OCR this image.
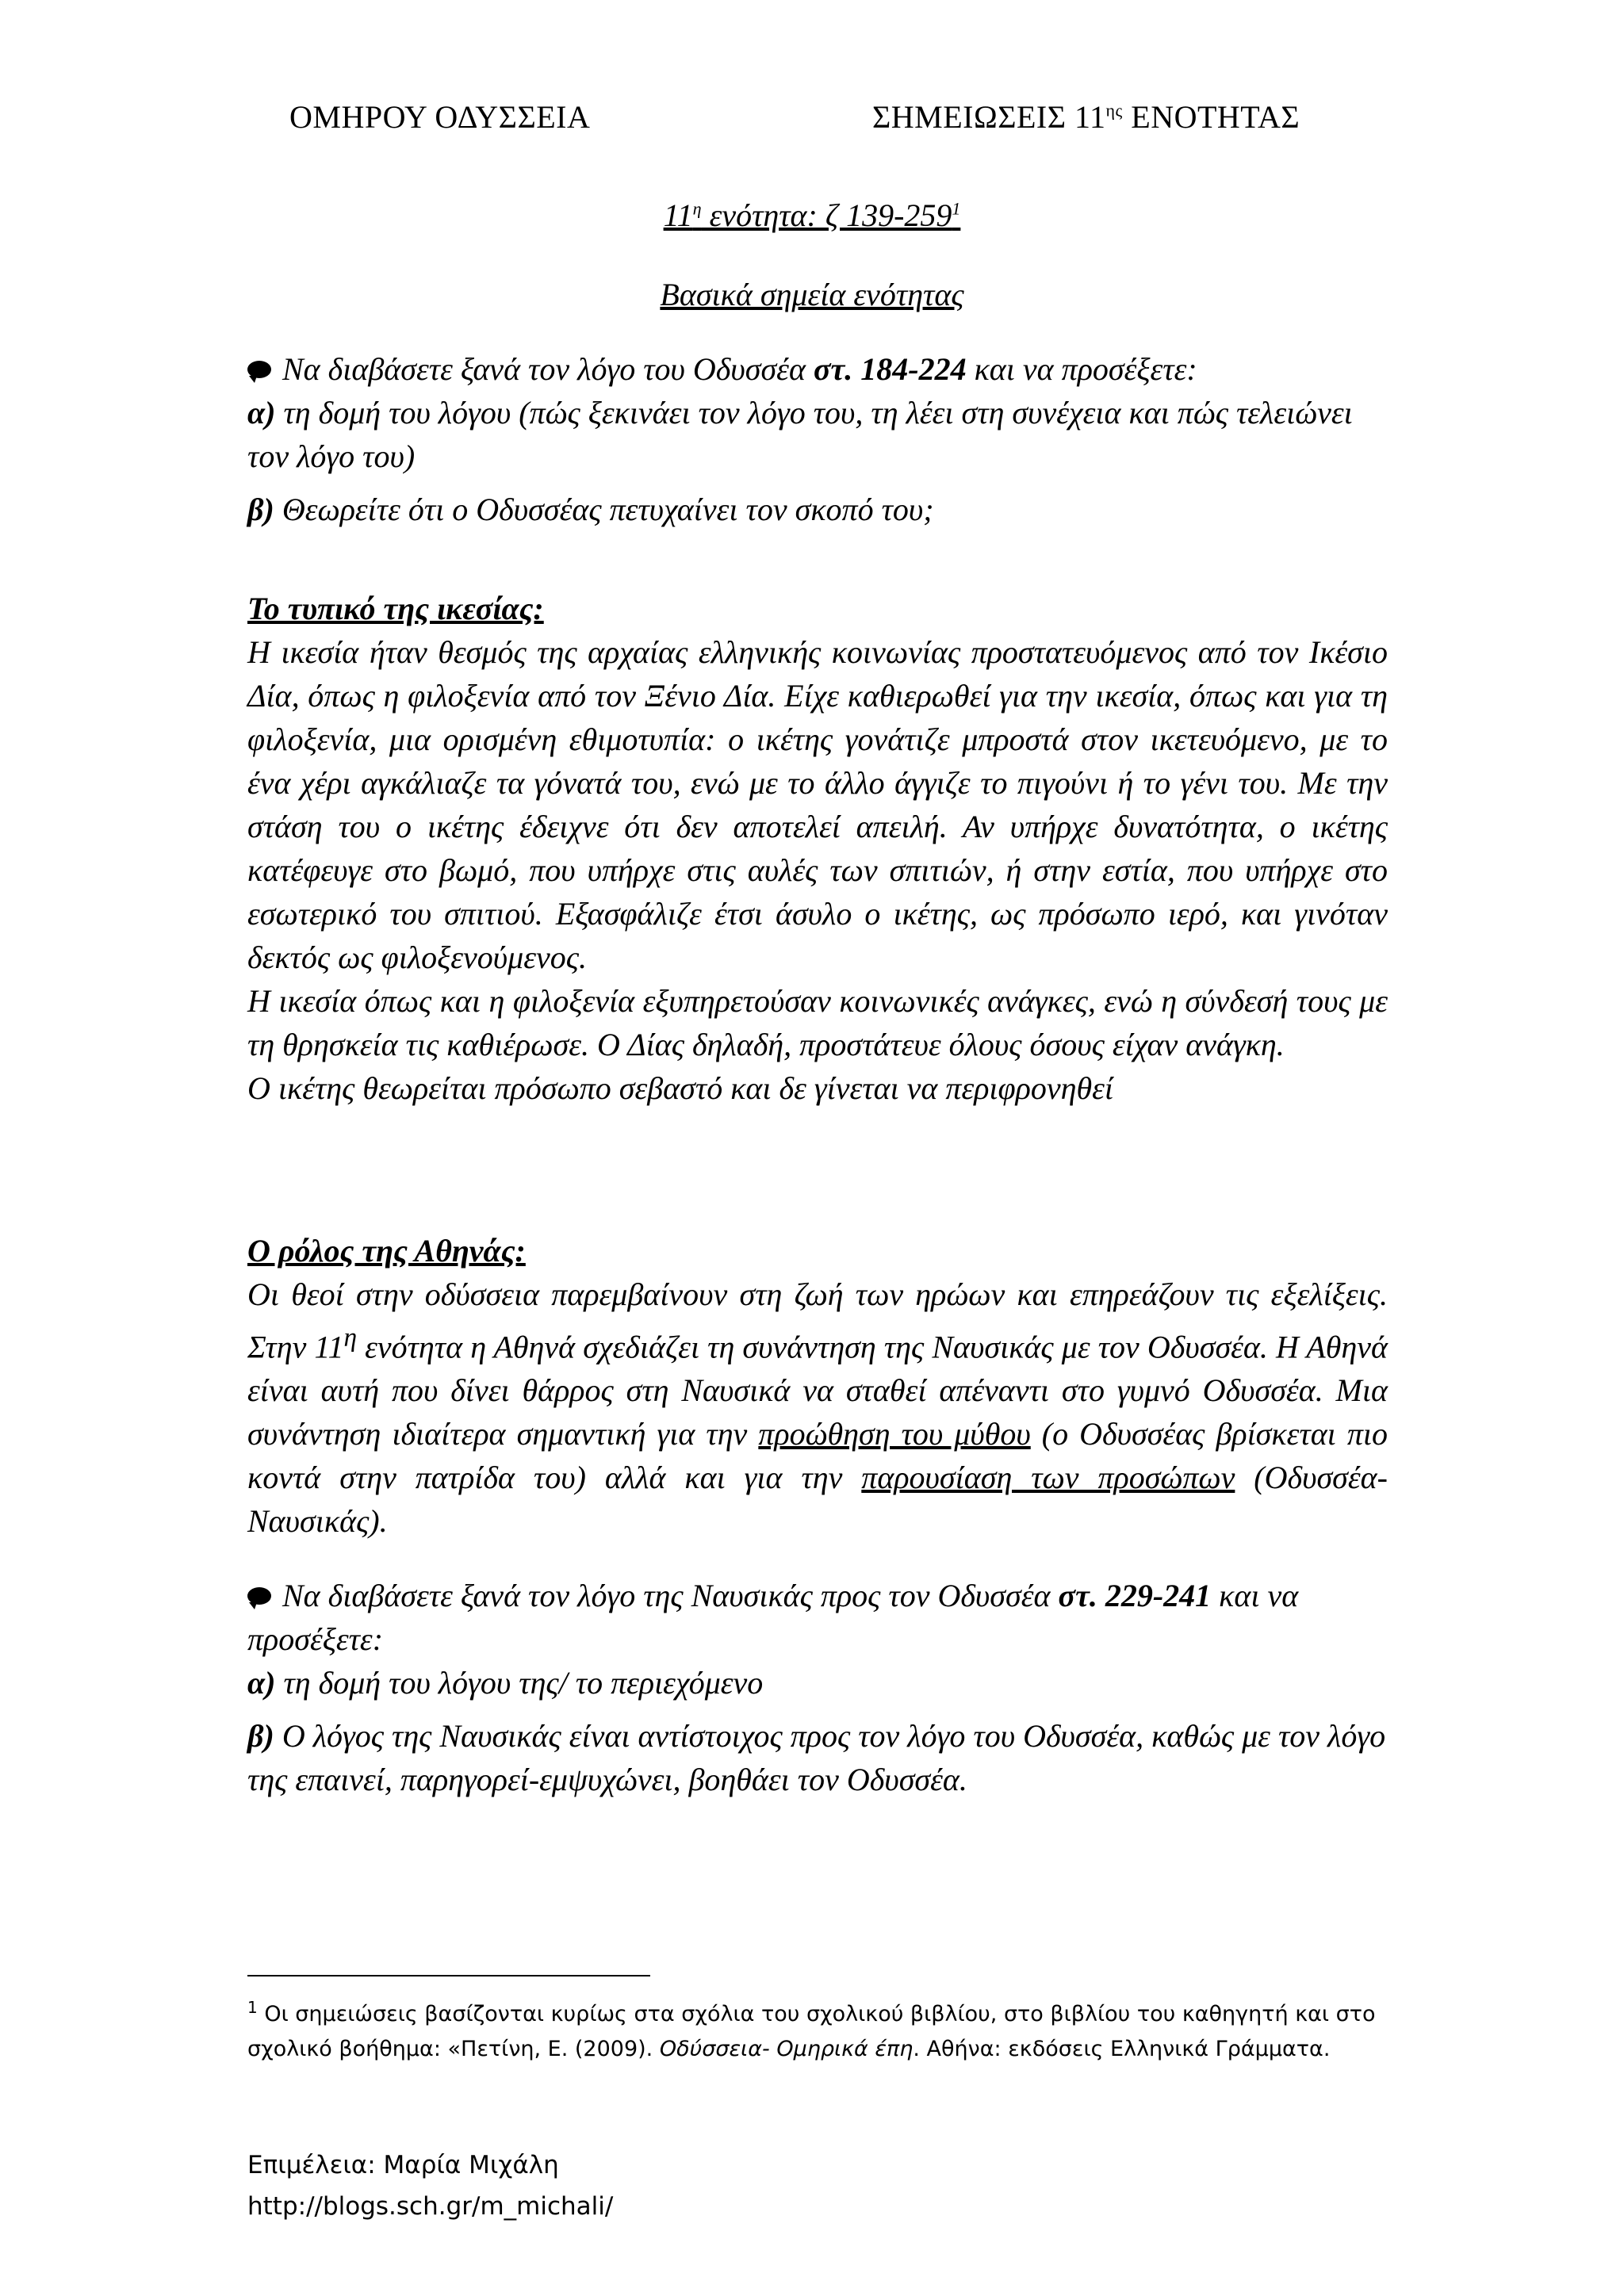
ΟΜΗΡΟΥ ΟΔΥΣΣΕΙΑ	ΣΗΜΕΙΩΣΕΙΣ $11^{\eta\varsigma}$ ΕΝΟΤΗΤΑΣ
$11^\eta$ ενότητα: ζ $139-259^1$
Βασικά σημεία ενότητας

Να διαβάσετε ξανά τον λόγο του Οδυσσέα στ. 184-224 και να προσέξετε:

α) τη δομή του λόγου (πώς ξεκινάει τον λόγο του, τη λέει στη συνέχεια και πώς τελειώνει τον λόγο του)

β) Θεωρείτε ότι ο Οδυσσέας πετυχαίνει τον σκοπό του;

Το τυπικό της ικεσίας:

Η ικεσία ήταν θεσμός της αρχαίας ελληνικής κοινωνίας προστατευόμενος από τον Ικέσιο Δία, όπως η φιλοξενία από τον Ξένιο Δία. Είχε καθιερωθεί για την ικεσία, όπως και για τη φιλοξενία, μια ορισμένη εθιμοτυπία: ο ικέτης γονάτιζε μπροστά στον ικετευόμενο, με το ένα χέρι αγκάλιαζε τα γόνατά του, ενώ με το άλλο άγγιζε το πιγούνι ή το γένι του. Με την στάση του ο ικέτης έδειχνε ότι δεν αποτελεί απειλή. Αν υπήρχε δυνατότητα, ο ικέτης κατέφευγε στο βωμό, που υπήρχε στις αυλές των σπιτιών, ή στην εστία, που υπήρχε στο εσωτερικό του σπιτιού. Εξασφάλιζε έτσι άσυλο ο ικέτης, ως πρόσωπο ιερό, και γινόταν δεκτός ως φιλοξενούμενος.

Η ικεσία όπως και η φιλοξενία εξυπηρετούσαν κοινωνικές ανάγκες, ενώ η σύνδεσή τους με τη θρησκεία τις καθιέρωσε. Ο Δίας δηλαδή, προστάτευε όλους όσους είχαν ανάγκη.

Ο ικέτης θεωρείται πρόσωπο σεβαστό και δε γίνεται να περιφρονηθεί

Ο ρόλος της Αθηνάς:

Οι θεοί στην οδύσσεια παρεμβαίνουν στη ζωή των ηρώων και επηρεάζουν τις εξελίξεις. Στην $11^\eta$ ενότητα η Αθηνά σχεδιάζει τη συνάντηση της Ναυσικάς με τον Οδυσσέα. Η Αθηνά είναι αυτή που δίνει θάρρος στη Ναυσικά να σταθεί απέναντι στο γυμνό Οδυσσέα. Μια συνάντηση ιδιαίτερα σημαντική για την προώθηση του μύθου (ο Οδυσσέας βρίσκεται πιο κοντά στην πατρίδα του) αλλά και για την παρουσίαση των προσώπων (Οδυσσέα-Ναυσικάς).

Να διαβάσετε ξανά τον λόγο της Ναυσικάς προς τον Οδυσσέα στ. 229-241 και να προσέξετε:

α) τη δομή του λόγου της/ το περιεχόμενο

β) Ο λόγος της Ναυσικάς είναι αντίστοιχος προς τον λόγο του Οδυσσέα, καθώς με τον λόγο της επαινεί, παρηγορεί-εμψυχώνει, βοηθάει τον Οδυσσέα.

$^1$ Οι σημειώσεις βασίζονται κυρίως στα σχόλια του σχολικού βιβλίου, στο βιβλίου του καθηγητή και στο σχολικό βοήθημα: «Πετίνη, Ε. (2009). Οδύσσεια- Ομηρικά έπη. Αθήνα: εκδόσεις Ελληνικά Γράμματα.
Επιμέλεια: Μαρία Μιχάλη
http://blogs.sch.gr/m_michali/
